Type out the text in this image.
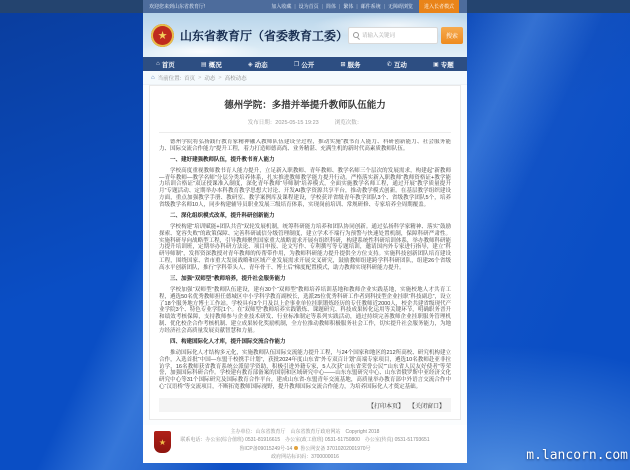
欢迎您来到山东省教育厅!	加入收藏 | 设为首页 | 简体 | 繁体 | 邮件系统 | 无障碍浏览	进入长者模式
★ 山东省教育厅（省委教育工委）	请输入关键词	搜索
⌂ 首页	▤ 概况	◈ 动态	❐ 公开	⊞ 服务	✆ 互动	▣ 专题
⌂ 当前位置: 首页 > 动态 > 高校动态
德州学院：多措并举提升教师队伍能力
发布日期：2025-05-15 19:23	浏览次数：

德州学院将弘扬践行教育家精神融入教师队伍建设全过程，推动实施“教书育人能力、科研创新能力、社会服务能力、国际交流合作能力”提升工程，着力打造师德高尚、业务精湛、充满生机的新时代高素质教师队伍。

一、建好建强教师队伍，提升教书育人能力

学校高度重视教师教书育人能力提升，立足新入职教师、青年教师、教学名师三个层次的发展需求，构建起“新教师—青年教师—教学名师”分层分类培养体系，扎实推进教师教学能力提升行动。严格落实新入职教师“教师资格证+教学能力培训合格证”双证授课准入制度，深化青年教师“导师制”培养模式，全面实施教学名师工程，通过开展“教学质量提升月”专题活动、定期举办本科教育教学思想大讨论、开发AI教学资源共享平台，推动教学模式创新。在基层教学组织建设方面，重点加强教学手册、教研室、教学案例库及课程建设，学校获评省级青年教学团队3个、省级教学团队5个，培养省级教学名师10人，同步构建辅导员职业发展三级培育体系，实现岗前培训、常规研修、专家培养全周期覆盖。

二、深化组织模式改革，提升科研创新能力

学校构建“培训赋能+团队共营”双轮发展机制，统筹科研能力培养和团队协同创新。通过弘扬科学家精神、落实“鼓励探索、宽容失败”的政策保障、完善科研诚信分级管理制度，建立学术不端行为预警与快速处置机制，保障科研严肃性。实施科研导向战略型工程，引导教师聚焦国家重大战略需求开展有组织科研，构建系统性科研培训体系，举办教师科研能力提升培训班，定期举办科研方法论、项目申报、论文写作、专利撰写等专题培训，邀请国内外专家进行指导，建立“科研导师制”，发挥资深教授对青年教师的传帮带作用，为教师科研能力提升提供全方位支持。实施科技创新团队培育建设工程，围绕国家、省市重大发展战略和区域产业发展需求开展交叉研究，鼓励教师组建跨学科科研团队，组建26个省级高水平创新团队，推行“学科带头人、青年骨干、博士后”梯度配置模式，助力教师实现科研能力提升。

三、加强“双师型”教师培养，提升社会服务能力

学校加强“双师型”教师队伍建设，建有30个“双师型”教师培养培训基地和教师企业实践基地，实施校地人才共育工程，遴选50名优秀教师担任德城区中小学科学教育副校长，选派25位优秀科研工作者到科技型企业挂职“科技副总”，设立了18个服务地方博士工作站。学校具有3个月及以上企事业单位挂职锻炼经历的专任教师近2000人，校企共建省级现代产业学院3个、特色专业学院1个。在“双师型”教师培养实践锻炼、课题研究、科技成果转化运用等关键环节，明确职务晋升和绩效考核保障，支持教师参与企业技术研发、行业标准制定等系列实践活动，通过持续完善教师企业挂职服务管理机制、优化校企合作考核机制、建立成果转化奖励机制，全方位推动教师积极服务社会工作，切实提升社会服务能力，为地方经济社会高质量发展贡献智慧和力量。

四、构建国际化人才库，提升国际交流合作能力

推动国际化人才结构多元化，实施教师队伍国际交流能力提升工程，与24个国家和地区的212所高校、研究机构建立合作，入选首批“中国—东盟千校携手计划”，获批2024年度山东省“外专双百计划”高端专家项目，遴选10名教师赴亚非拉访学，16名教师获省教育系统公派留学资助，积极引进外籍专家，5人次获“山东省荣誉公民”“山东省人民友好使者”等荣誉，加强国际科研合作。学校建有教育部备案的国别和区域研究中心——山东东盟研究中心、山东省俄罗斯中亚经济文化研究中心等31个国际研究及国际教育合作平台，建成山东省-东盟青年交流基地，高质量举办教育部中外语言交流合作中心“汉语桥”等交流项目，不断拓宽教师国际视野，提升教师国际交流合作能力，为培养国际化人才奠定基础。

【打印本页】 【关闭窗口】
★
主办单位：山东省教育厅　山东省教育厅政府网站　Copyright 2018
联系电话：办公室(综合值班) 0531-81916615　办公室(政工值班) 0531-51750800　办公室(传真) 0531-51793651
鲁ICP备09015249号-14 鲁公网安备 37010202001970号
政府网站标识码：3700000016	m.lancorn.com
